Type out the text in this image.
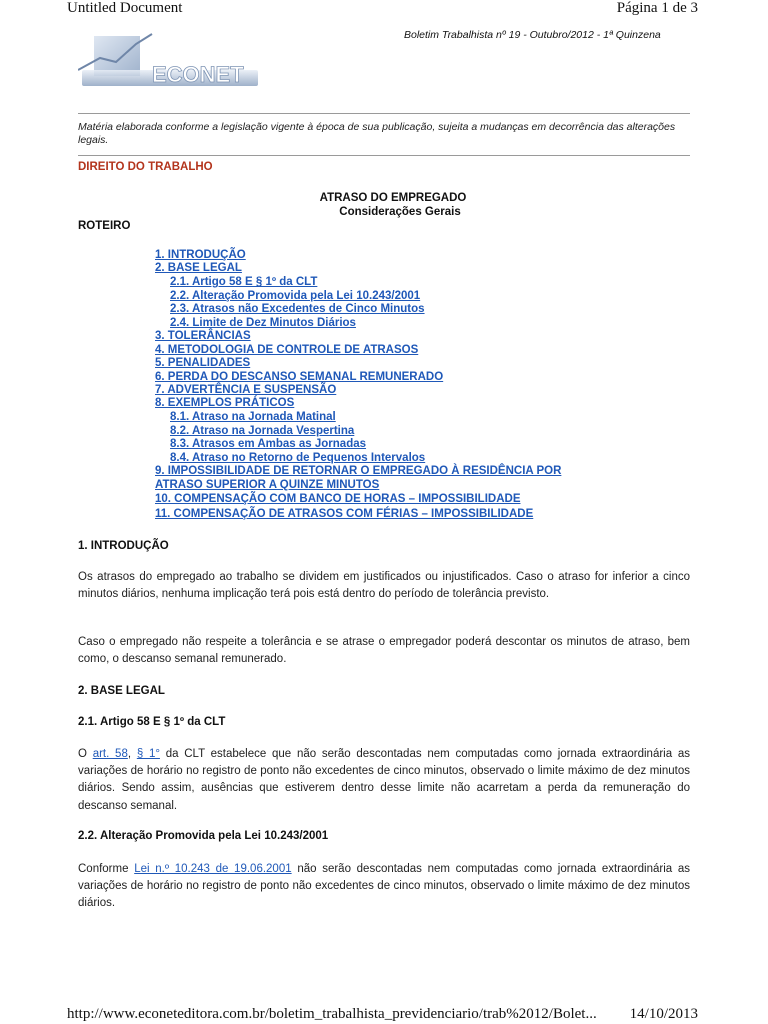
Untitled Document	Página 1 de 3
ECONET
Boletim Trabalhista nº 19 - Outubro/2012 - 1ª Quinzena
Matéria elaborada conforme a legislação vigente à época de sua publicação, sujeita a mudanças em decorrência das alterações legais.
DIREITO DO TRABALHO
ATRASO DO EMPREGADO
Considerações Gerais
ROTEIRO
1. INTRODUÇÃO
2. BASE LEGAL
2.1. Artigo 58 E § 1º da CLT
2.2. Alteração Promovida pela Lei 10.243/2001
2.3. Atrasos não Excedentes de Cinco Minutos
2.4. Limite de Dez Minutos Diários
3. TOLERÂNCIAS
4. METODOLOGIA DE CONTROLE DE ATRASOS
5. PENALIDADES
6. PERDA DO DESCANSO SEMANAL REMUNERADO
7. ADVERTÊNCIA E SUSPENSÃO
8. EXEMPLOS PRÁTICOS
8.1. Atraso na Jornada Matinal
8.2. Atraso na Jornada Vespertina
8.3. Atrasos em Ambas as Jornadas
8.4. Atraso no Retorno de Pequenos Intervalos
9. IMPOSSIBILIDADE DE RETORNAR O EMPREGADO À RESIDÊNCIA POR
ATRASO SUPERIOR A QUINZE MINUTOS
10. COMPENSAÇÃO COM BANCO DE HORAS – IMPOSSIBILIDADE
11. COMPENSAÇÃO DE ATRASOS COM FÉRIAS – IMPOSSIBILIDADE
1. INTRODUÇÃO

Os atrasos do empregado ao trabalho se dividem em justificados ou injustificados. Caso o atraso for inferior a cinco minutos diários, nenhuma implicação terá pois está dentro do período de tolerância previsto.

Caso o empregado não respeite a tolerância e se atrase o empregador poderá descontar os minutos de atraso, bem como, o descanso semanal remunerado.

2. BASE LEGAL
2.1. Artigo 58 E § 1º da CLT

O art. 58, § 1° da CLT estabelece que não serão descontadas nem computadas como jornada extraordinária as variações de horário no registro de ponto não excedentes de cinco minutos, observado o limite máximo de dez minutos diários. Sendo assim, ausências que estiverem dentro desse limite não acarretam a perda da remuneração do descanso semanal.

2.2. Alteração Promovida pela Lei 10.243/2001

Conforme Lei n.º 10.243 de 19.06.2001 não serão descontadas nem computadas como jornada extraordinária as variações de horário no registro de ponto não excedentes de cinco minutos, observado o limite máximo de dez minutos diários.

http://www.econeteditora.com.br/boletim_trabalhista_previdenciario/trab%2012/Bolet... 14/10/2013
